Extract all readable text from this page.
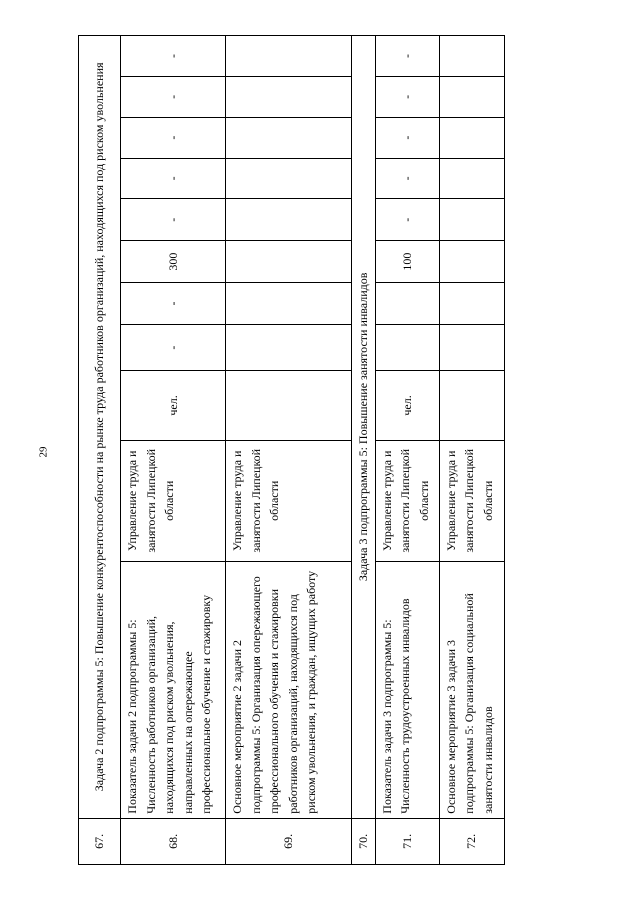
29
67.	Задача 2 подпрограммы 5: Повышение конкурентоспособности на рынке труда работников организаций, находящихся под риском увольнения										
68.	Показатель задачи 2 подпрограммы 5: Численность работников организаций, находящихся под риском увольнения, направленных на опережающее профессиональное обучение и стажировку	Управление труда и занятости Липецкой области	чел.	-	-	300	-	-	-	-	-
69.	Основное мероприятие 2 задачи 2 подпрограммы 5: Организация опережающего профессионального обучения и стажировки работников организаций, находящихся под риском увольнения, и граждан, ищущих работу	Управление труда и занятости Липецкой области									
70.	Задача 3 подпрограммы 5: Повышение занятости инвалидов										
71.	Показатель задачи 3 подпрограммы 5: Численность трудоустроенных инвалидов	Управление труда и занятости Липецкой области	чел.			100	-	-	-	-	-
72.	Основное мероприятие 3 задачи 3 подпрограммы 5: Организация социальной занятости инвалидов	Управление труда и занятости Липецкой области									
